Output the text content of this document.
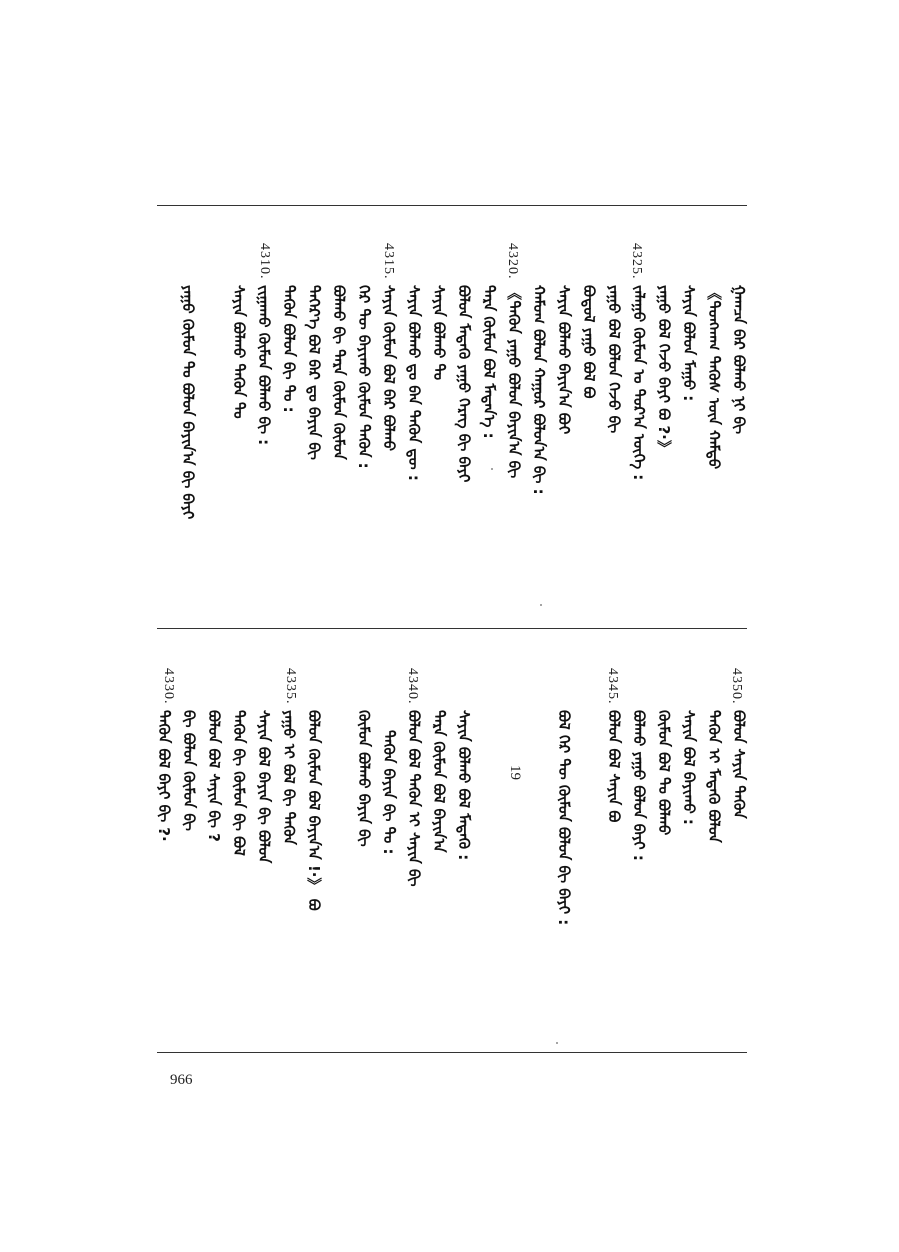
4325.
4320.
4315.
4310.
ᠭᠠᠭᠴᠠ ᠪᠡᠷ ᠪᠣᠯᠬᠤ ᠨᠢ ᠪᠢ
《ᠲᠤᠩᠬᠠᠭ ᠲᠡᠭᠦᠰ ᠦᠨ ᠬᠠᠮᠲᠤ
ᠰᠠᠶᠢᠨ ᠪᠣᠯᠤᠨ ᠮᠠᠭᠤ :
ᠶᠠᠭᠤ ᠪᠣᠯ ᠭᠡᠵᠦ ᠪᠠᠶᠢ ᠪᠤ ?·》
ᠵᠠᠯᠠᠭᠤ ᠬᠦᠮᠦᠨ ᠤ ᠳᠤᠷ᠎ᠠ ᠦᠭᠡ :
ᠶᠠᠭᠤ ᠪᠣᠯ ᠪᠣᠯᠤᠨ ᠭᠡᠵᠦ ᠪᠢ
ᠪᠣᠳᠣᠯ ᠶᠠᠭᠤ ᠪᠣᠯ ᠪᠤ
ᠰᠠᠶᠢᠨ ᠪᠣᠯᠬᠤ ᠪᠠᠶᠢᠨ᠎ᠠ ᠪᠤᠢ
ᠬᠠᠮᠤᠭ ᠪᠣᠯᠣᠨ ᠬᠠᠭᠤᠷ ᠪᠣᠯᠤᠨ᠎ᠠ ᠪᠢ :
《ᠲᠡᠭᠦᠨ ᠶᠠᠭᠤ ᠪᠣᠯᠣᠨ ᠪᠠᠶᠢᠨ᠎ᠠ ᠪᠢ
ᠲᠡᠷᠡ ᠬᠦᠮᠦᠨ ᠪᠣᠯ ᠮᠡᠳᠡᠨ᠎ᠡ :
ᠪᠣᠯᠤᠨ ᠮᠡᠳᠡᠬᠦ ᠶᠠᠭᠤ ᠬᠡᠷᠡᠭ ᠪᠢ ᠪᠠᠶᠢ
ᠰᠠᠶᠢᠨ ᠪᠣᠯᠬᠤ ᠲᠤ
ᠰᠠᠶᠢᠨ ᠪᠣᠯᠬᠤ ᠳᠤ ᠪᠡᠨ ᠲᠡᠭᠦᠨ ᠳᠦ :
ᠰᠠᠶᠢᠨ ᠬᠦᠮᠦᠨ ᠪᠣᠯ ᠪᠠᠷ ᠪᠣᠯᠬᠤ
ᠭᠡᠷ ᠲᠦ ᠪᠠᠶᠢᠬᠤ ᠬᠦᠮᠦᠨ ᠲᠡᠭᠦᠨ :
ᠪᠣᠯᠬᠤ ᠪᠢ ᠲᠡᠷᠡ ᠬᠦᠮᠦᠨ ᠬᠦᠮᠦᠨ
ᠳᠡᠭᠡᠷ᠎ᠡ ᠪᠣᠯ ᠪᠠᠷ ᠳᠤ ᠪᠠᠶᠢᠨ ᠪᠢ
ᠲᠡᠭᠦᠨ ᠪᠣᠯᠤᠨ ᠪᠢ ᠲᠤ :
ᠵᠢᠭᠠᠬᠤ ᠬᠦᠮᠦᠨ ᠪᠣᠯᠬᠤ ᠪᠢ :
ᠰᠠᠶᠢᠨ ᠪᠣᠯᠬᠤ ᠲᠡᠭᠦᠨ ᠲᠤ
ᠶᠠᠭᠤ ᠬᠦᠮᠦᠨ ᠲᠤ ᠪᠣᠯᠤᠨ ᠪᠠᠶᠢᠨ᠎ᠠ ᠪᠢ ᠪᠠᠶᠢ
4350.
4345.
4340.
4335.
4330.
ᠪᠣᠯᠤᠨ ᠰᠠᠶᠢᠨ ᠲᠡᠭᠦᠨ
ᠲᠡᠭᠦᠨ ᠢ ᠮᠡᠳᠡᠬᠦ ᠪᠣᠯᠣᠨ
ᠰᠠᠶᠢᠨ ᠪᠣᠯ ᠪᠠᠶᠢᠬᠤ :
ᠬᠦᠮᠦᠨ ᠪᠣᠯ ᠲᠤ ᠪᠣᠯᠬᠤ
ᠪᠣᠯᠬᠤ ᠶᠠᠭᠤ ᠪᠣᠯᠣᠨ ᠪᠠᠶᠢ :
ᠪᠣᠯᠤᠨ ᠪᠣᠯ ᠰᠠᠶᠢᠨ ᠪᠤ
ᠪᠣᠯ ᠭᠡᠷ ᠲᠦ ᠬᠦᠮᠦᠨ ᠪᠣᠯᠣᠨ ᠪᠢ ᠪᠠᠶᠢ :
ᠰᠠᠶᠢᠨ ᠪᠣᠯᠬᠤ ᠪᠣᠯ ᠮᠡᠳᠡᠬᠦ :
ᠲᠡᠷᠡ ᠬᠦᠮᠦᠨ ᠪᠣᠯ ᠪᠠᠶᠢᠨ᠎ᠠ
ᠪᠣᠯᠤᠨ ᠪᠣᠯ ᠲᠡᠭᠦᠨ ᠢ ᠰᠠᠶᠢᠨ ᠪᠢ
ᠲᠡᠭᠦᠨ ᠪᠠᠶᠢᠨ ᠪᠢ ᠲᠤ :
ᠬᠦᠮᠦᠨ ᠪᠣᠯᠬᠤ ᠪᠠᠶᠢᠨ ᠪᠢ
ᠪᠣᠯᠤᠨ ᠬᠦᠮᠦᠨ ᠪᠣᠯ ᠪᠠᠶᠢᠨ᠎ᠠ !·》 ᠪᠤ
ᠶᠠᠭᠤ ᠢ ᠪᠣᠯ ᠪᠢ ᠲᠡᠭᠦᠨ
ᠰᠠᠶᠢᠨ ᠪᠣᠯ ᠪᠠᠶᠢᠨ ᠪᠢ ᠪᠣᠯᠤᠨ
ᠲᠡᠭᠦᠨ ᠪᠢ ᠬᠦᠮᠦᠨ ᠪᠢ ᠪᠣᠯ
ᠪᠣᠯᠤᠨ ᠪᠣᠯ ᠰᠠᠶᠢᠨ ᠪᠢ ?
ᠪᠢ ᠪᠣᠯᠤᠨ ᠬᠦᠮᠦᠨ ᠪᠢ
ᠲᠡᠭᠦᠨ ᠪᠣᠯ ᠪᠠᠶᠢ ᠪᠢ ?·	19
966
